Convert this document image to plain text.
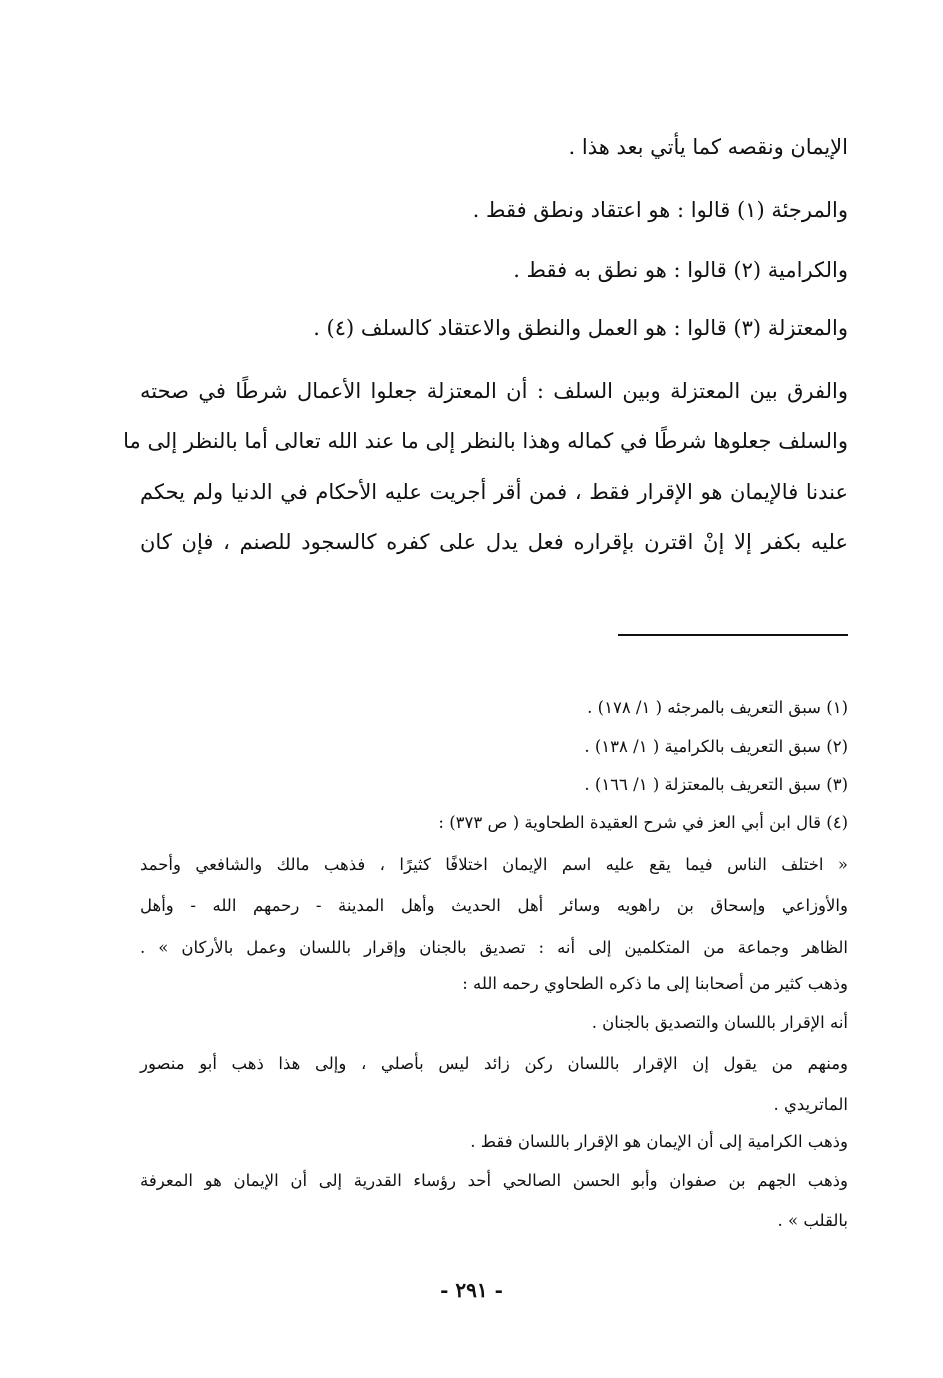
الإيمان ونقصه كما يأتي بعد هذا .
والمرجئة (١) قالوا : هو اعتقاد ونطق فقط .
والكرامية (٢) قالوا : هو نطق به فقط .
والمعتزلة (٣) قالوا : هو العمل والنطق والاعتقاد كالسلف (٤) .
والفرق بين المعتزلة وبين السلف : أن المعتزلة جعلوا الأعمال شرطًا في صحته
والسلف جعلوها شرطًا في كماله وهذا بالنظر إلى ما عند الله تعالى أما بالنظر إلى ما
عندنا فالإيمان هو الإقرار فقط ، فمن أقر أجريت عليه الأحكام في الدنيا ولم يحكم
عليه بكفر إلا إنْ اقترن بإقراره فعل يدل على كفره كالسجود للصنم ، فإن كان
(١) سبق التعريف بالمرجئه ( ١/ ١٧٨) .
(٢) سبق التعريف بالكرامية ( ١/ ١٣٨) .
(٣) سبق التعريف بالمعتزلة ( ١/ ١٦٦) .
(٤) قال ابن أبي العز في شرح العقيدة الطحاوية ( ص ٣٧٣) :
« اختلف الناس فيما يقع عليه اسم الإيمان اختلافًا كثيرًا ، فذهب مالك والشافعي وأحمد
والأوزاعي وإسحاق بن راهويه وسائر أهل الحديث وأهل المدينة - رحمهم الله - وأهل
الظاهر وجماعة من المتكلمين إلى أنه : تصديق بالجنان وإقرار باللسان وعمل بالأركان » .
وذهب كثير من أصحابنا إلى ما ذكره الطحاوي رحمه الله :
أنه الإقرار باللسان والتصديق بالجنان .
ومنهم من يقول إن الإقرار باللسان ركن زائد ليس بأصلي ، وإلى هذا ذهب أبو منصور
الماتريدي .
وذهب الكرامية إلى أن الإيمان هو الإقرار باللسان فقط .
وذهب الجهم بن صفوان وأبو الحسن الصالحي أحد رؤساء القدرية إلى أن الإيمان هو المعرفة
بالقلب » .
- ٢٩١ -
